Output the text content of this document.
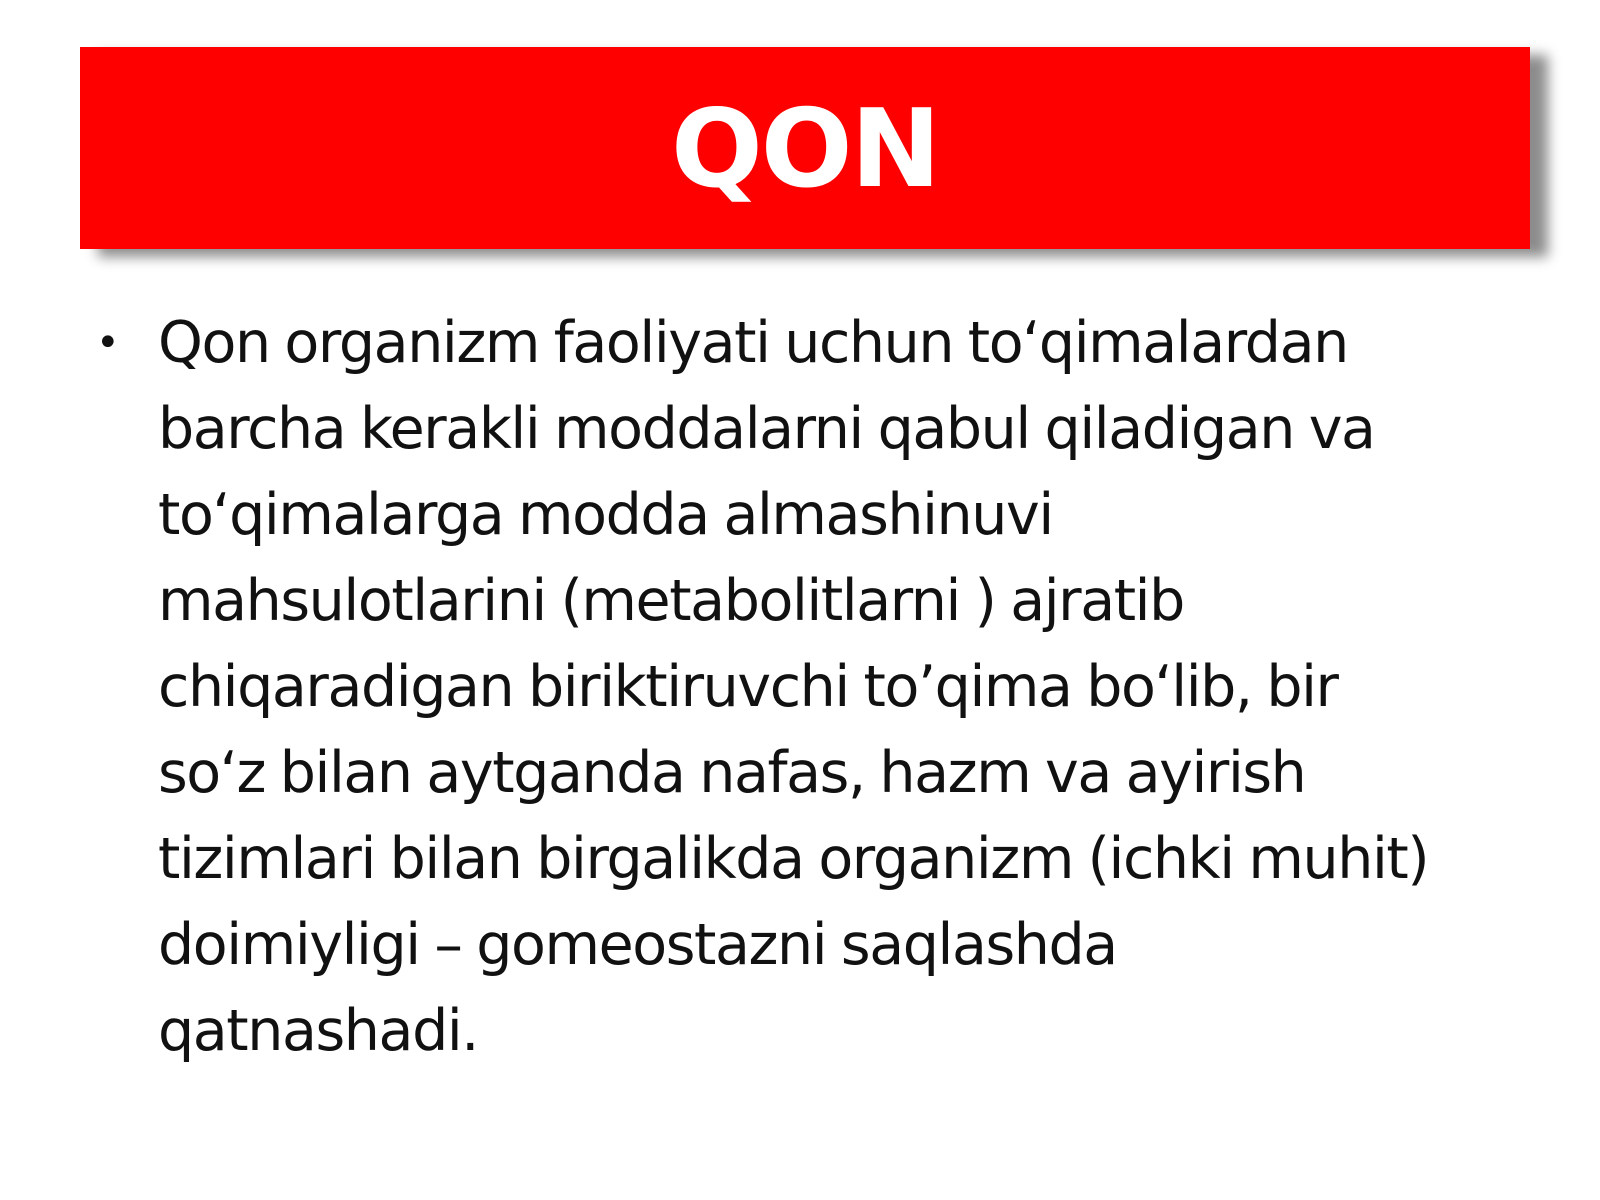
QON
• Qon organizm faoliyati uchun to‘qimalardan
barcha kerakli moddalarni qabul qiladigan va
to‘qimalarga modda almashinuvi
mahsulotlarini (metabolitlarni ) ajratib
chiqaradigan biriktiruvchi to’qima bo‘lib, bir
so‘z bilan aytganda nafas, hazm va ayirish
tizimlari bilan birgalikda organizm (ichki muhit)
doimiyligi – gomeostazni saqlashda
qatnashadi.
